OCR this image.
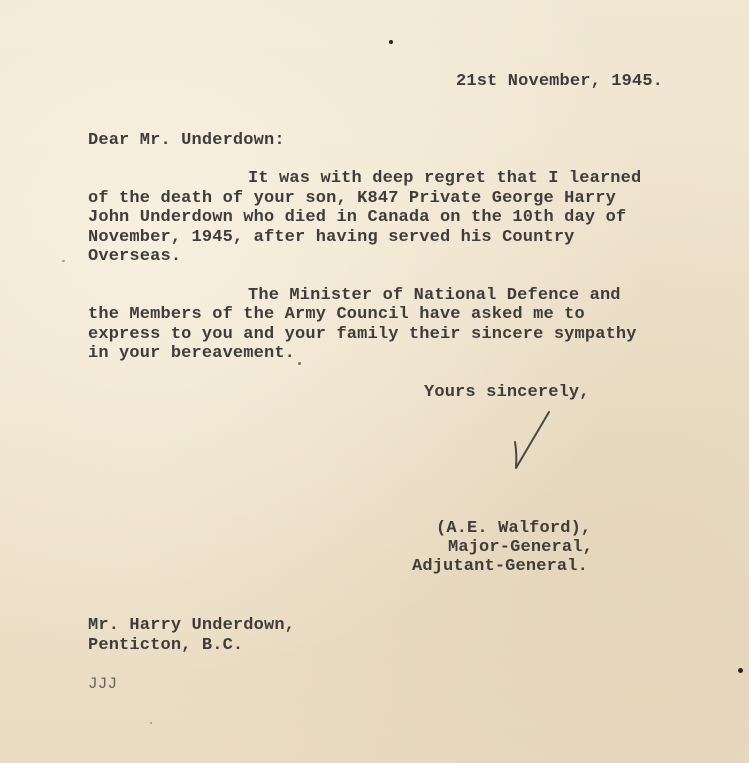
21st November, 1945.
Dear Mr. Underdown:
It was with deep regret that I learned
of the death of your son, K847 Private George Harry
John Underdown who died in Canada on the 10th day of
November, 1945, after having served his Country
Overseas.
The Minister of National Defence and
the Members of the Army Council have asked me to
express to you and your family their sincere sympathy
in your bereavement.
Yours sincerely,
(A.E. Walford),
Major-General,
Adjutant-General.
Mr. Harry Underdown,
Penticton, B.C.
JJJ
